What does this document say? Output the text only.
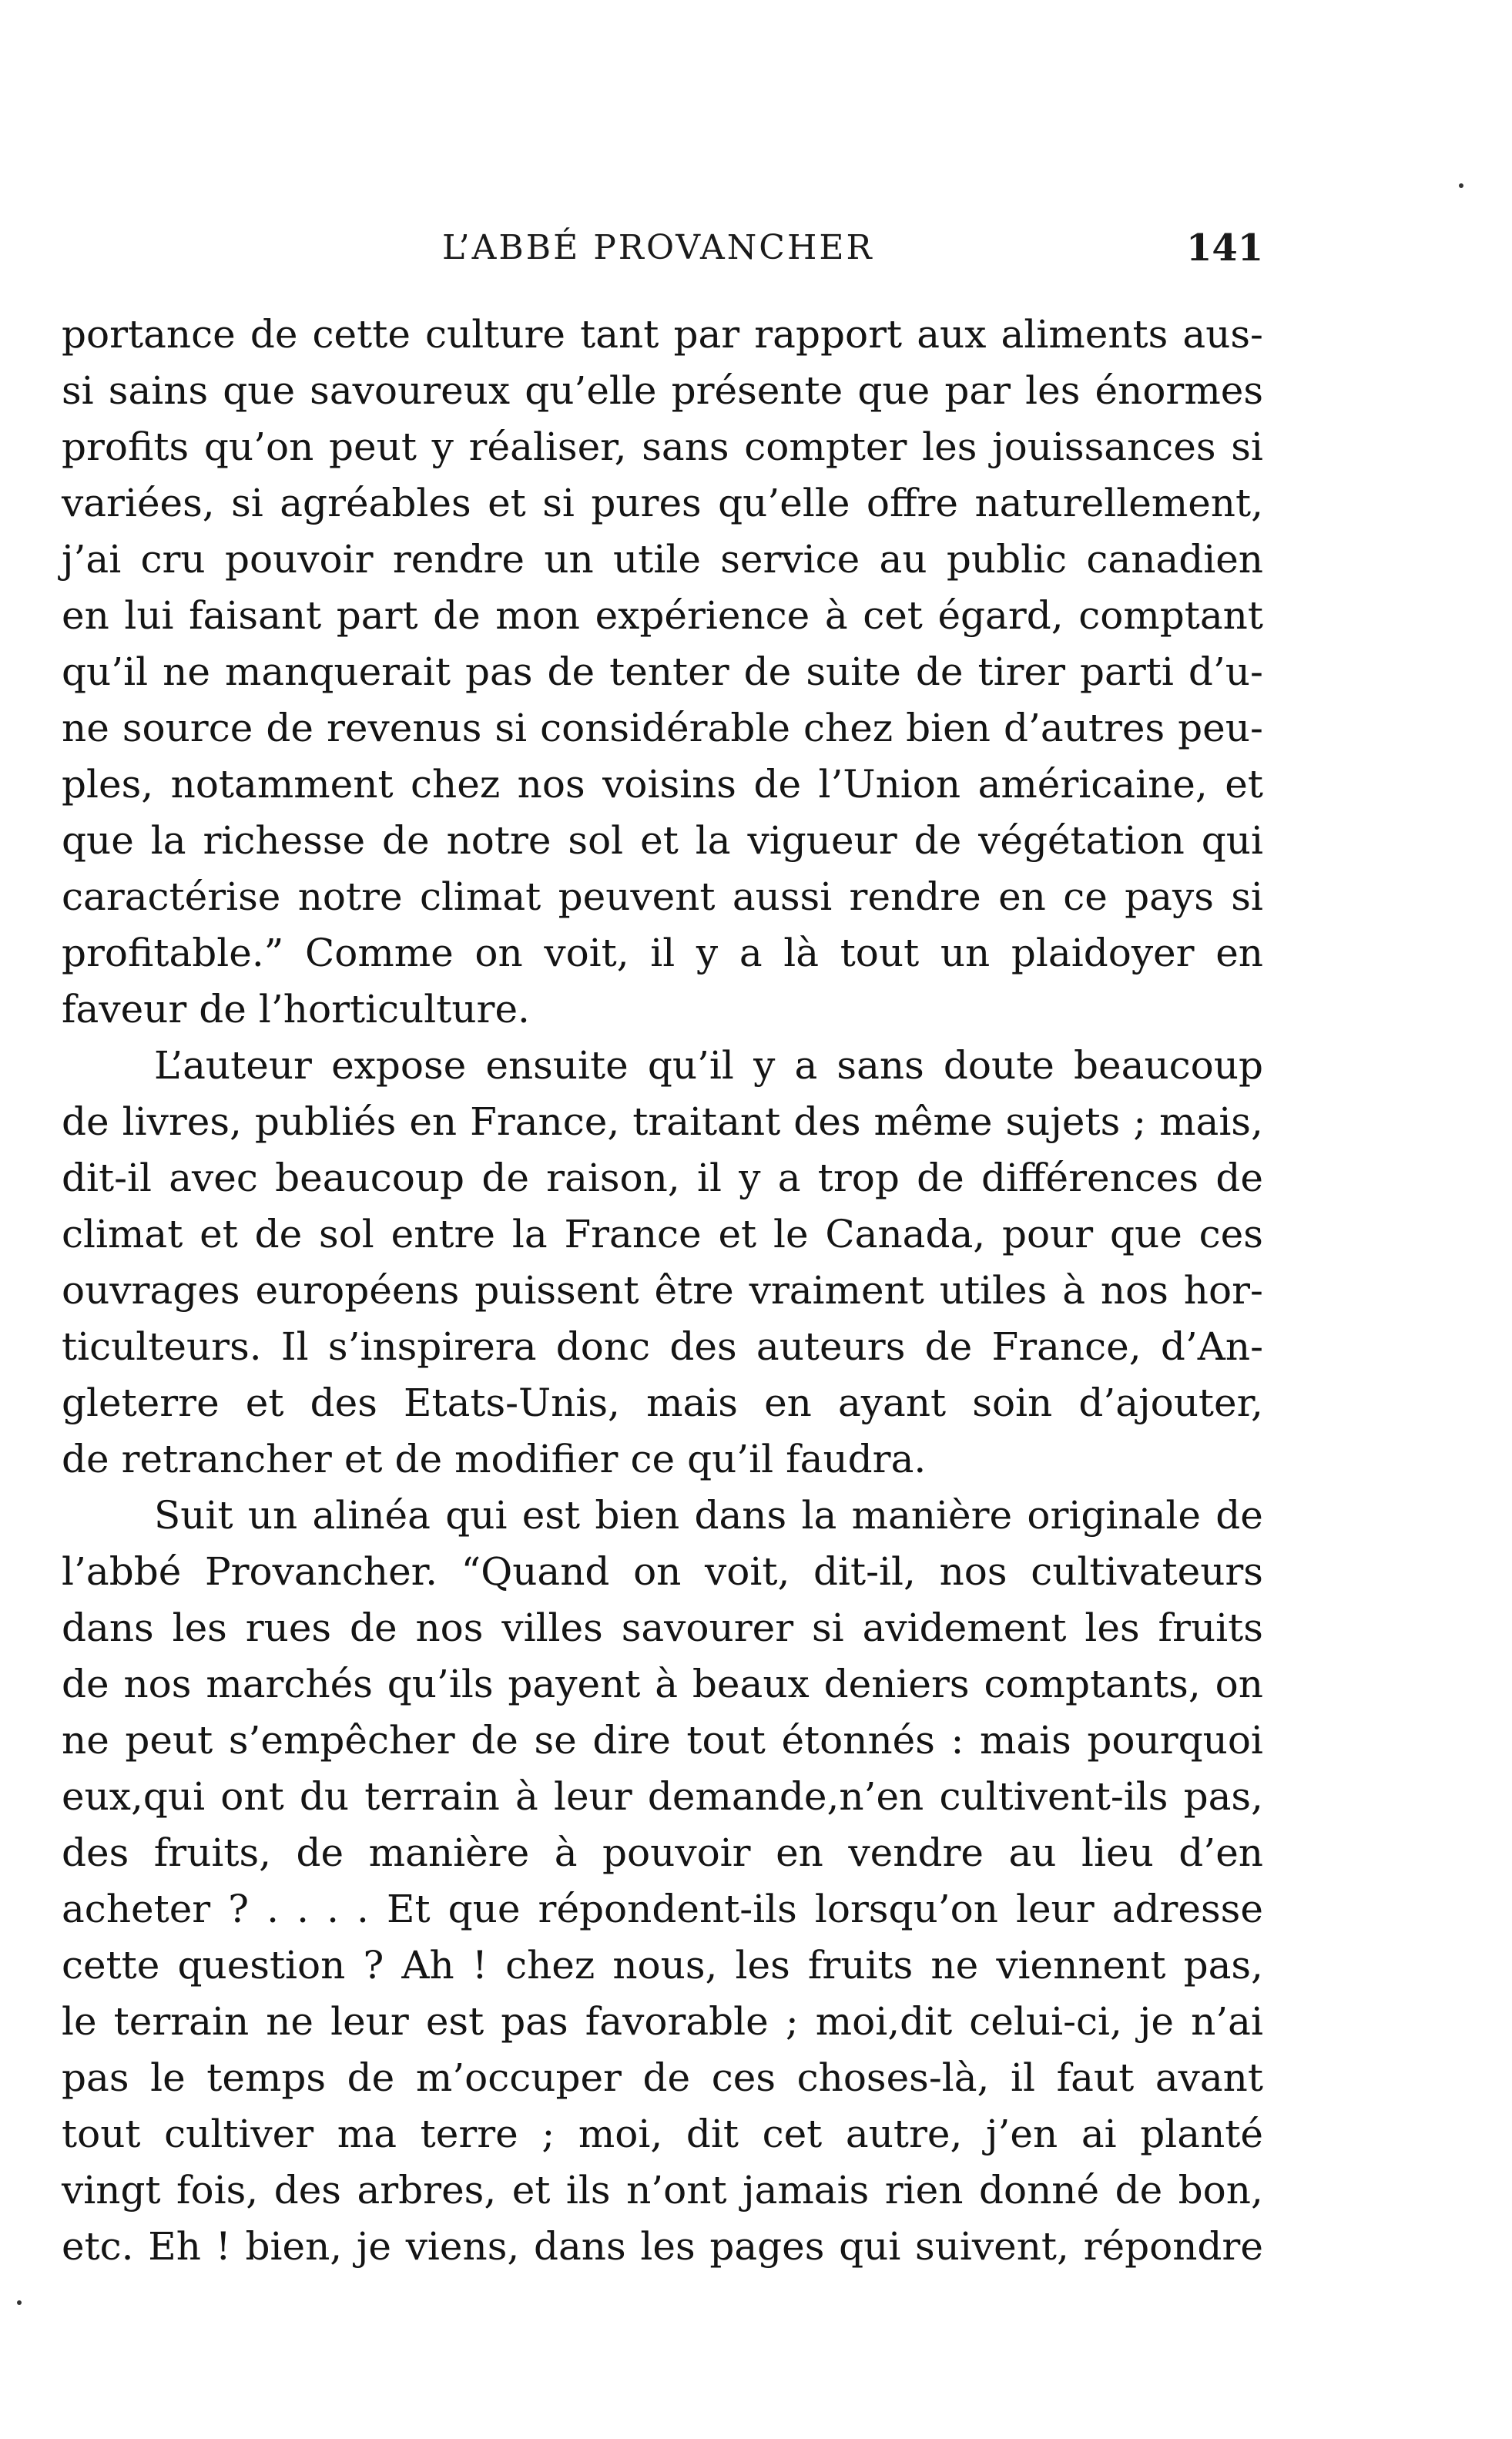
L’ABBÉ PROVANCHER	141
portance de cette culture tant par rapport aux aliments aus-
si sains que savoureux qu’elle présente que par les énormes
profits qu’on peut y réaliser, sans compter les jouissances si
variées, si agréables et si pures qu’elle offre naturellement,
j’ai cru pouvoir rendre un utile service au public canadien
en lui faisant part de mon expérience à cet égard, comptant
qu’il ne manquerait pas de tenter de suite de tirer parti d’u-
ne source de revenus si considérable chez bien d’autres peu-
ples, notamment chez nos voisins de l’Union américaine, et
que la richesse de notre sol et la vigueur de végétation qui
caractérise notre climat peuvent aussi rendre en ce pays si
profitable.” Comme on voit, il y a là tout un plaidoyer en
faveur de l’horticulture.
L’auteur expose ensuite qu’il y a sans doute beaucoup
de livres, publiés en France, traitant des même sujets ; mais,
dit-il avec beaucoup de raison, il y a trop de différences de
climat et de sol entre la France et le Canada, pour que ces
ouvrages européens puissent être vraiment utiles à nos hor-
ticulteurs. Il s’inspirera donc des auteurs de France, d’An-
gleterre et des Etats-Unis, mais en ayant soin d’ajouter,
de retrancher et de modifier ce qu’il faudra.
Suit un alinéa qui est bien dans la manière originale de
l’abbé Provancher. “Quand on voit, dit-il, nos cultivateurs
dans les rues de nos villes savourer si avidement les fruits
de nos marchés qu’ils payent à beaux deniers comptants, on
ne peut s’empêcher de se dire tout étonnés : mais pourquoi
eux,qui ont du terrain à leur demande,n’en cultivent-ils pas,
des fruits, de manière à pouvoir en vendre au lieu d’en
acheter ? . . . . Et que répondent-ils lorsqu’on leur adresse
cette question ? Ah ! chez nous, les fruits ne viennent pas,
le terrain ne leur est pas favorable ; moi,dit celui-ci, je n’ai
pas le temps de m’occuper de ces choses-là, il faut avant
tout cultiver ma terre ; moi, dit cet autre, j’en ai planté
vingt fois, des arbres, et ils n’ont jamais rien donné de bon,
etc. Eh ! bien, je viens, dans les pages qui suivent, répondre
